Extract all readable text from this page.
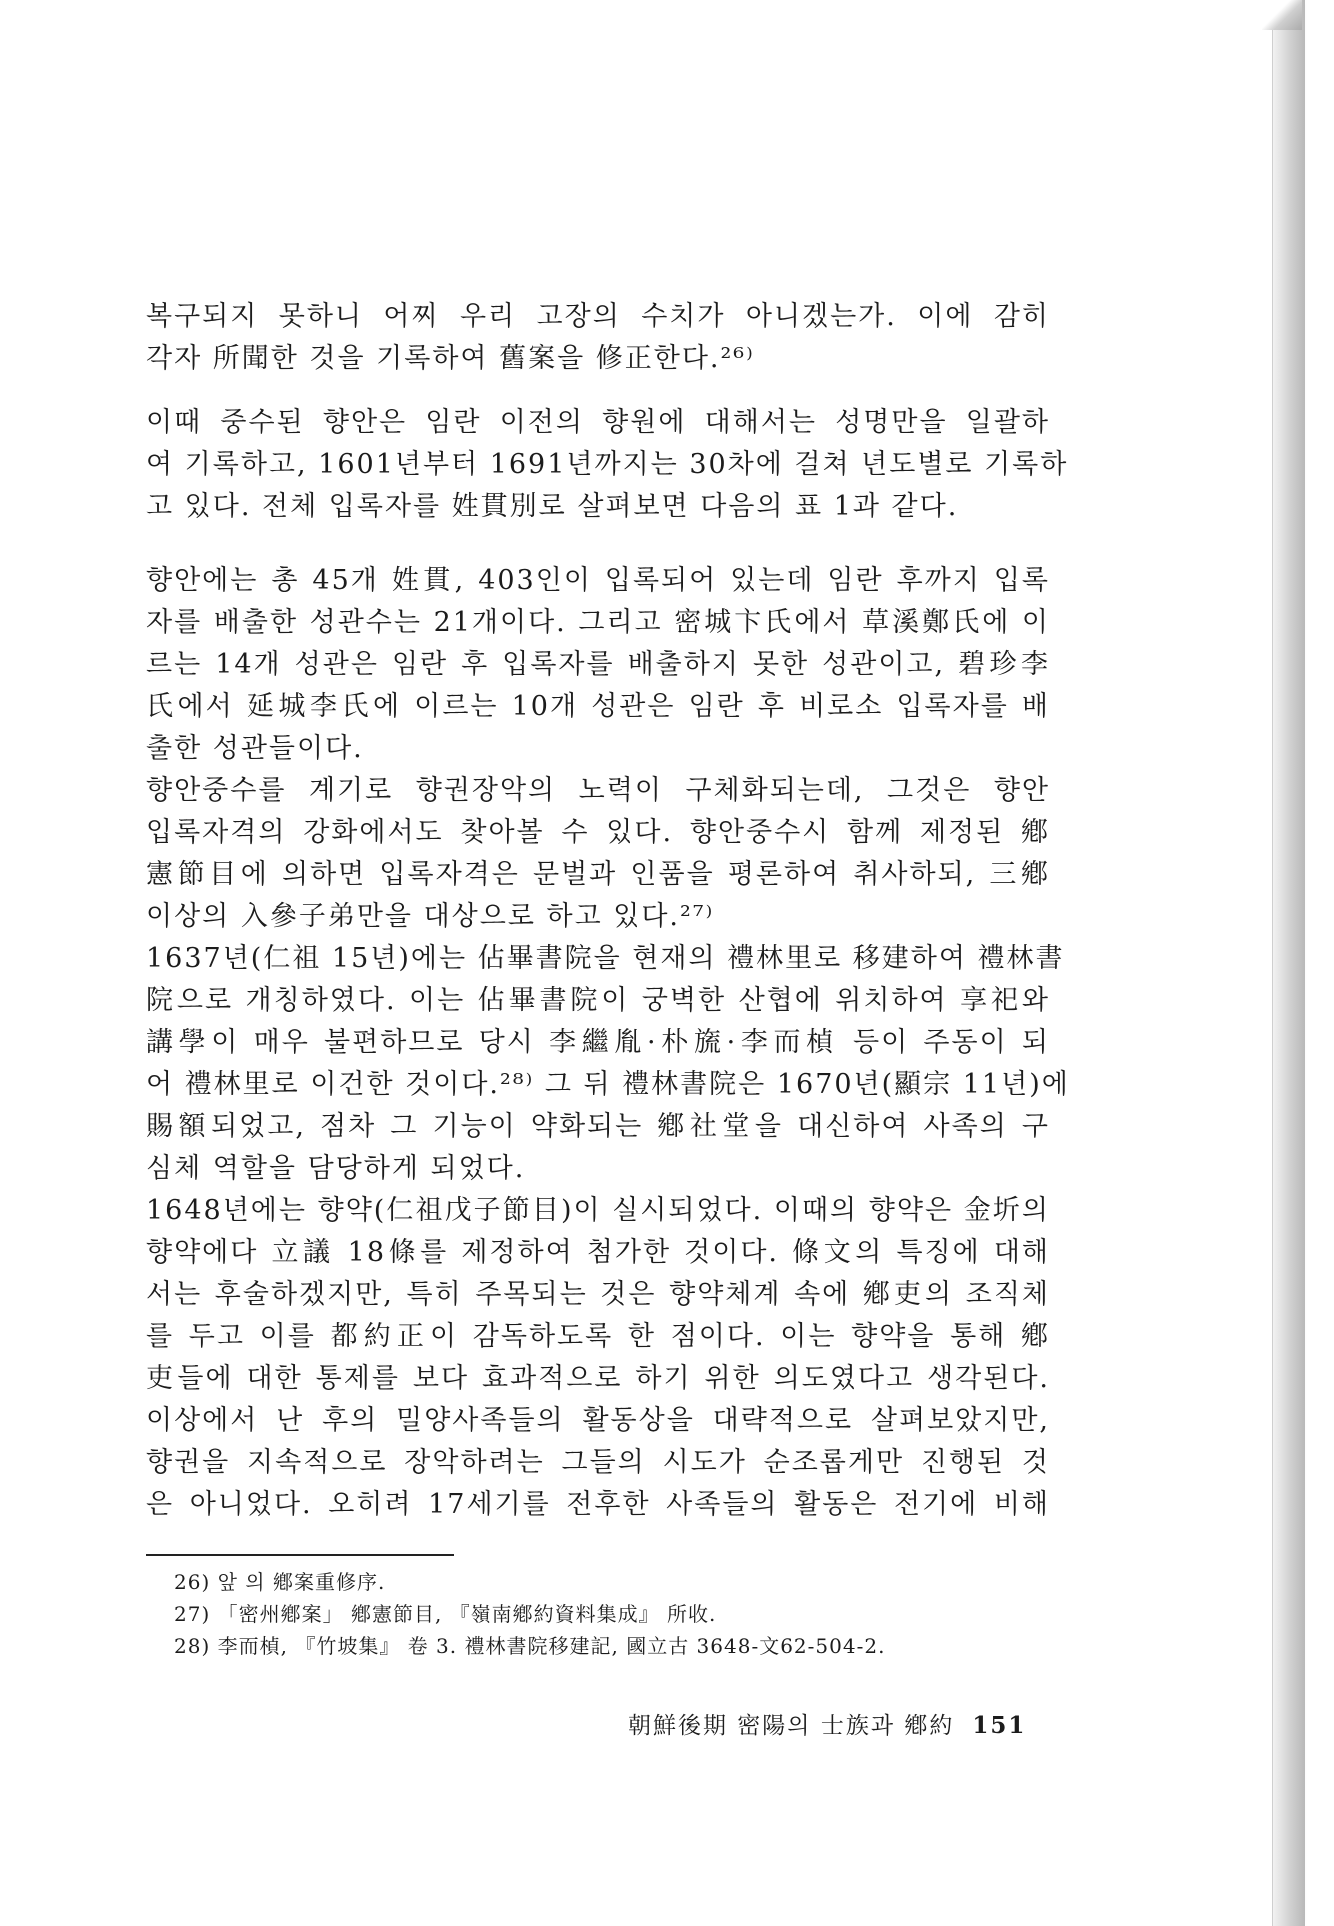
복구되지 못하니 어찌 우리 고장의 수치가 아니겠는가. 이에 감히
각자 所聞한 것을 기록하여 舊案을 修正한다.²⁶⁾
이때 중수된 향안은 임란 이전의 향원에 대해서는 성명만을 일괄하
여 기록하고, 1601년부터 1691년까지는 30차에 걸쳐 년도별로 기록하
고 있다. 전체 입록자를 姓貫別로 살펴보면 다음의 표 1과 같다.
향안에는 총 45개 姓貫, 403인이 입록되어 있는데 임란 후까지 입록
자를 배출한 성관수는 21개이다. 그리고 密城卞氏에서 草溪鄭氏에 이
르는 14개 성관은 임란 후 입록자를 배출하지 못한 성관이고, 碧珍李
氏에서 延城李氏에 이르는 10개 성관은 임란 후 비로소 입록자를 배
출한 성관들이다.
향안중수를 계기로 향권장악의 노력이 구체화되는데, 그것은 향안
입록자격의 강화에서도 찾아볼 수 있다. 향안중수시 함께 제정된 鄕
憲節目에 의하면 입록자격은 문벌과 인품을 평론하여 취사하되, 三鄕
이상의 入參子弟만을 대상으로 하고 있다.²⁷⁾
1637년(仁祖 15년)에는 佔畢書院을 현재의 禮林里로 移建하여 禮林書
院으로 개칭하였다. 이는 佔畢書院이 궁벽한 산협에 위치하여 享祀와
講學이 매우 불편하므로 당시 李繼胤·朴旒·李而楨 등이 주동이 되
어 禮林里로 이건한 것이다.²⁸⁾ 그 뒤 禮林書院은 1670년(顯宗 11년)에
賜額되었고, 점차 그 기능이 약화되는 鄕社堂을 대신하여 사족의 구
심체 역할을 담당하게 되었다.
1648년에는 향약(仁祖戊子節目)이 실시되었다. 이때의 향약은 金圻의
향약에다 立議 18條를 제정하여 첨가한 것이다. 條文의 특징에 대해
서는 후술하겠지만, 특히 주목되는 것은 향약체계 속에 鄕吏의 조직체
를 두고 이를 都約正이 감독하도록 한 점이다. 이는 향약을 통해 鄕
吏들에 대한 통제를 보다 효과적으로 하기 위한 의도였다고 생각된다.
이상에서 난 후의 밀양사족들의 활동상을 대략적으로 살펴보았지만,
향권을 지속적으로 장악하려는 그들의 시도가 순조롭게만 진행된 것
은 아니었다. 오히려 17세기를 전후한 사족들의 활동은 전기에 비해
26) 앞 의 鄕案重修序.
27) 「密州鄕案」 鄕憲節目, 『嶺南鄕約資料集成』 所收.
28) 李而楨, 『竹坡集』 卷 3. 禮林書院移建記, 國立古 3648-文62-504-2.
朝鮮後期 密陽의 士族과 鄕約 151
